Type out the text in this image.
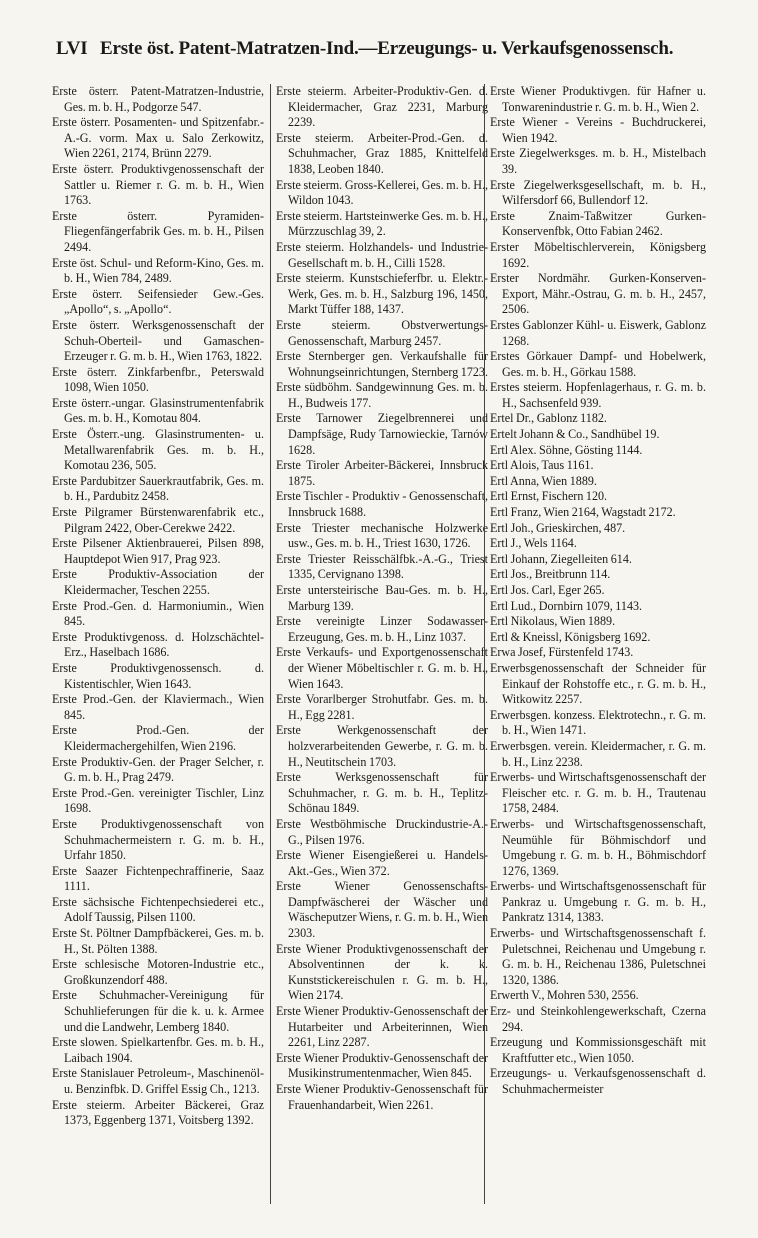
LVI Erste öst. Patent-Matratzen-Ind.—Erzeugungs- u. Verkaufsgenossensch.
Erste österr. Patent-Matratzen-Industrie, Ges. m. b. H., Podgorze 547.
Erste österr. Posamenten- und Spitzenfabr.-A.-G. vorm. Max u. Salo Zerkowitz, Wien 2261, 2174, Brünn 2279.
Erste österr. Produktivgenossenschaft der Sattler u. Riemer r. G. m. b. H., Wien 1763.
Erste österr. Pyramiden-Fliegenfängerfabrik Ges. m. b. H., Pilsen 2494.
Erste öst. Schul- und Reform-Kino, Ges. m. b. H., Wien 784, 2489.
Erste österr. Seifensieder Gew.-Ges. „Apollo“, s. „Apollo“.
Erste österr. Werksgenossenschaft der Schuh-Oberteil- und Gamaschen-Erzeuger r. G. m. b. H., Wien 1763, 1822.
Erste österr. Zinkfarbenfbr., Peterswald 1098, Wien 1050.
Erste österr.-ungar. Glasinstrumentenfabrik Ges. m. b. H., Komotau 804.
Erste Österr.-ung. Glasinstrumenten- u. Metallwarenfabrik Ges. m. b. H., Komotau 236, 505.
Erste Pardubitzer Sauerkrautfabrik, Ges. m. b. H., Pardubitz 2458.
Erste Pilgramer Bürstenwarenfabrik etc., Pilgram 2422, Ober-Cerekwe 2422.
Erste Pilsener Aktienbrauerei, Pilsen 898, Hauptdepot Wien 917, Prag 923.
Erste Produktiv-Association der Kleidermacher, Teschen 2255.
Erste Prod.-Gen. d. Harmoniumin., Wien 845.
Erste Produktivgenoss. d. Holzschächtel-Erz., Haselbach 1686.
Erste Produktivgenossensch. d. Kistentischler, Wien 1643.
Erste Prod.-Gen. der Klaviermach., Wien 845.
Erste Prod.-Gen. der Kleidermachergehilfen, Wien 2196.
Erste Produktiv-Gen. der Prager Selcher, r. G. m. b. H., Prag 2479.
Erste Prod.-Gen. vereinigter Tischler, Linz 1698.
Erste Produktivgenossenschaft von Schuhmachermeistern r. G. m. b. H., Urfahr 1850.
Erste Saazer Fichtenpechraffinerie, Saaz 1111.
Erste sächsische Fichtenpechsiederei etc., Adolf Taussig, Pilsen 1100.
Erste St. Pöltner Dampfbäckerei, Ges. m. b. H., St. Pölten 1388.
Erste schlesische Motoren-Industrie etc., Großkunzendorf 488.
Erste Schuhmacher-Vereinigung für Schuhlieferungen für die k. u. k. Armee und die Landwehr, Lemberg 1840.
Erste slowen. Spielkartenfbr. Ges. m. b. H., Laibach 1904.
Erste Stanislauer Petroleum-, Maschinenöl- u. Benzinfbk. D. Griffel Essig Ch., 1213.
Erste steierm. Arbeiter Bäckerei, Graz 1373, Eggenberg 1371, Voitsberg 1392.
Erste steierm. Arbeiter-Produktiv-Gen. d. Kleidermacher, Graz 2231, Marburg 2239.
Erste steierm. Arbeiter-Prod.-Gen. d. Schuhmacher, Graz 1885, Knittelfeld 1838, Leoben 1840.
Erste steierm. Gross-Kellerei, Ges. m. b. H., Wildon 1043.
Erste steierm. Hartsteinwerke Ges. m. b. H., Mürzzuschlag 39, 2.
Erste steierm. Holzhandels- und Industrie-Gesellschaft m. b. H., Cilli 1528.
Erste steierm. Kunstschieferfbr. u. Elektr.-Werk, Ges. m. b. H., Salzburg 196, 1450, Markt Tüffer 188, 1437.
Erste steierm. Obstverwertungs-Genossenschaft, Marburg 2457.
Erste Sternberger gen. Verkaufshalle für Wohnungseinrichtungen, Sternberg 1723.
Erste südböhm. Sandgewinnung Ges. m. b. H., Budweis 177.
Erste Tarnower Ziegelbrennerei und Dampfsäge, Rudy Tarnowieckie, Tarnów 1628.
Erste Tiroler Arbeiter-Bäckerei, Innsbruck 1875.
Erste Tischler - Produktiv - Genossenschaft, Innsbruck 1688.
Erste Triester mechanische Holzwerke usw., Ges. m. b. H., Triest 1630, 1726.
Erste Triester Reisschälfbk.-A.-G., Triest 1335, Cervignano 1398.
Erste untersteirische Bau-Ges. m. b. H., Marburg 139.
Erste vereinigte Linzer Sodawasser-Erzeugung, Ges. m. b. H., Linz 1037.
Erste Verkaufs- und Exportgenossenschaft der Wiener Möbeltischler r. G. m. b. H., Wien 1643.
Erste Vorarlberger Strohutfabr. Ges. m. b. H., Egg 2281.
Erste Werkgenossenschaft der holzverarbeitenden Gewerbe, r. G. m. b. H., Neutitschein 1703.
Erste Werksgenossenschaft für Schuhmacher, r. G. m. b. H., Teplitz-Schönau 1849.
Erste Westböhmische Druckindustrie-A.-G., Pilsen 1976.
Erste Wiener Eisengießerei u. Handels-Akt.-Ges., Wien 372.
Erste Wiener Genossenschafts-Dampfwäscherei der Wäscher und Wäscheputzer Wiens, r. G. m. b. H., Wien 2303.
Erste Wiener Produktivgenossenschaft der Absolventinnen der k. k. Kunststickereischulen r. G. m. b. H., Wien 2174.
Erste Wiener Produktiv-Genossenschaft der Hutarbeiter und Arbeiterinnen, Wien 2261, Linz 2287.
Erste Wiener Produktiv-Genossenschaft der Musikinstrumentenmacher, Wien 845.
Erste Wiener Produktiv-Genossenschaft für Frauenhandarbeit, Wien 2261.
Erste Wiener Produktivgen. für Hafner u. Tonwarenindustrie r. G. m. b. H., Wien 2.
Erste Wiener - Vereins - Buchdruckerei, Wien 1942.
Erste Ziegelwerksges. m. b. H., Mistelbach 39.
Erste Ziegelwerksgesellschaft, m. b. H., Wilfersdorf 66, Bullendorf 12.
Erste Znaim-Taßwitzer Gurken-Konservenfbk, Otto Fabian 2462.
Erster Möbeltischlerverein, Königsberg 1692.
Erster Nordmähr. Gurken-Konserven-Export, Mähr.-Ostrau, G. m. b. H., 2457, 2506.
Erstes Gablonzer Kühl- u. Eiswerk, Gablonz 1268.
Erstes Görkauer Dampf- und Hobelwerk, Ges. m. b. H., Görkau 1588.
Erstes steierm. Hopfenlagerhaus, r. G. m. b. H., Sachsenfeld 939.
Ertel Dr., Gablonz 1182.
Ertelt Johann & Co., Sandhübel 19.
Ertl Alex. Söhne, Gösting 1144.
Ertl Alois, Taus 1161.
Ertl Anna, Wien 1889.
Ertl Ernst, Fischern 120.
Ertl Franz, Wien 2164, Wagstadt 2172.
Ertl Joh., Grieskirchen, 487.
Ertl J., Wels 1164.
Ertl Johann, Ziegelleiten 614.
Ertl Jos., Breitbrunn 114.
Ertl Jos. Carl, Eger 265.
Ertl Lud., Dornbirn 1079, 1143.
Ertl Nikolaus, Wien 1889.
Ertl & Kneissl, Königsberg 1692.
Erwa Josef, Fürstenfeld 1743.
Erwerbsgenossenschaft der Schneider für Einkauf der Rohstoffe etc., r. G. m. b. H., Witkowitz 2257.
Erwerbsgen. konzess. Elektrotechn., r. G. m. b. H., Wien 1471.
Erwerbsgen. verein. Kleidermacher, r. G. m. b. H., Linz 2238.
Erwerbs- und Wirtschaftsgenossenschaft der Fleischer etc. r. G. m. b. H., Trautenau 1758, 2484.
Erwerbs- und Wirtschaftsgenossenschaft, Neumühle für Böhmischdorf und Umgebung r. G. m. b. H., Böhmischdorf 1276, 1369.
Erwerbs- und Wirtschaftsgenossenschaft für Pankraz u. Umgebung r. G. m. b. H., Pankratz 1314, 1383.
Erwerbs- und Wirtschaftsgenossenschaft f. Puletschnei, Reichenau und Umgebung r. G. m. b. H., Reichenau 1386, Puletschnei 1320, 1386.
Erwerth V., Mohren 530, 2556.
Erz- und Steinkohlengewerkschaft, Czerna 294.
Erzeugung und Kommissionsgeschäft mit Kraftfutter etc., Wien 1050.
Erzeugungs- u. Verkaufsgenossenschaft d. Schuhmachermeister
